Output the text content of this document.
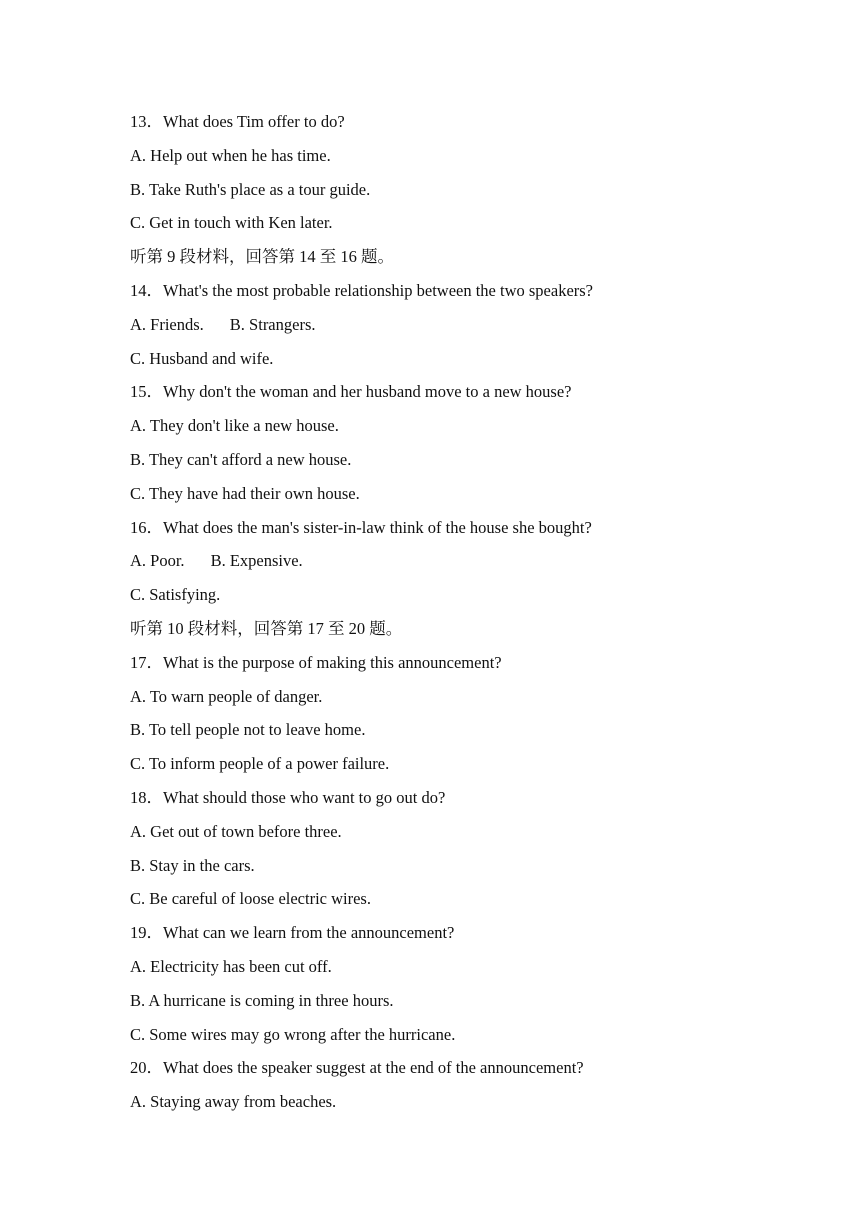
13．What does Tim offer to do?
A. Help out when he has time.
B. Take Ruth's place as a tour guide.
C. Get in touch with Ken later.
听第 9 段材料，回答第 14 至 16 题。
14．What's the most probable relationship between the two speakers?
A. Friends. B. Strangers.
C. Husband and wife.
15．Why don't the woman and her husband move to a new house?
A. They don't like a new house.
B. They can't afford a new house.
C. They have had their own house.
16．What does the man's sister-in-law think of the house she bought?
A. Poor. B. Expensive.
C. Satisfying.
听第 10 段材料，回答第 17 至 20 题。
17．What is the purpose of making this announcement?
A. To warn people of danger.
B. To tell people not to leave home.
C. To inform people of a power failure.
18．What should those who want to go out do?
A. Get out of town before three.
B. Stay in the cars.
C. Be careful of loose electric wires.
19．What can we learn from the announcement?
A. Electricity has been cut off.
B. A hurricane is coming in three hours.
C. Some wires may go wrong after the hurricane.
20．What does the speaker suggest at the end of the announcement?
A. Staying away from beaches.
